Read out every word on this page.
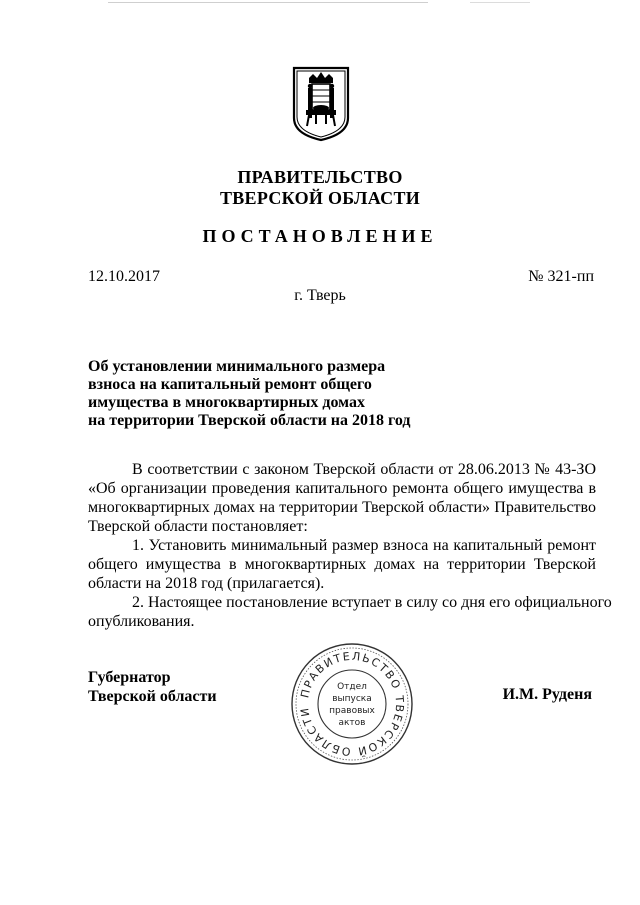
ПРАВИТЕЛЬСТВО
ТВЕРСКОЙ ОБЛАСТИ
ПОСТАНОВЛЕНИЕ
12.10.2017	№ 321-пп
г. Тверь
Об установлении минимального размера
взноса на капитальный ремонт общего
имущества в многоквартирных домах
на территории Тверской области на 2018 год
В соответствии с законом Тверской области от 28.06.2013 № 43-ЗО
«Об организации проведения капитального ремонта общего имущества в
многоквартирных домах на территории Тверской области» Правительство
Тверской области постановляет:
1. Установить минимальный размер взноса на капитальный ремонт
общего имущества в многоквартирных домах на территории Тверской
области на 2018 год (прилагается).
2. Настоящее постановление вступает в силу со дня его официального
опубликования.
Губернатор
Тверской области	ПРАВИТЕЛЬСТВО ТВЕРСКОЙ ОБЛАСТИ
Отдел
выпуска
правовых
актов
И.М. Руденя
